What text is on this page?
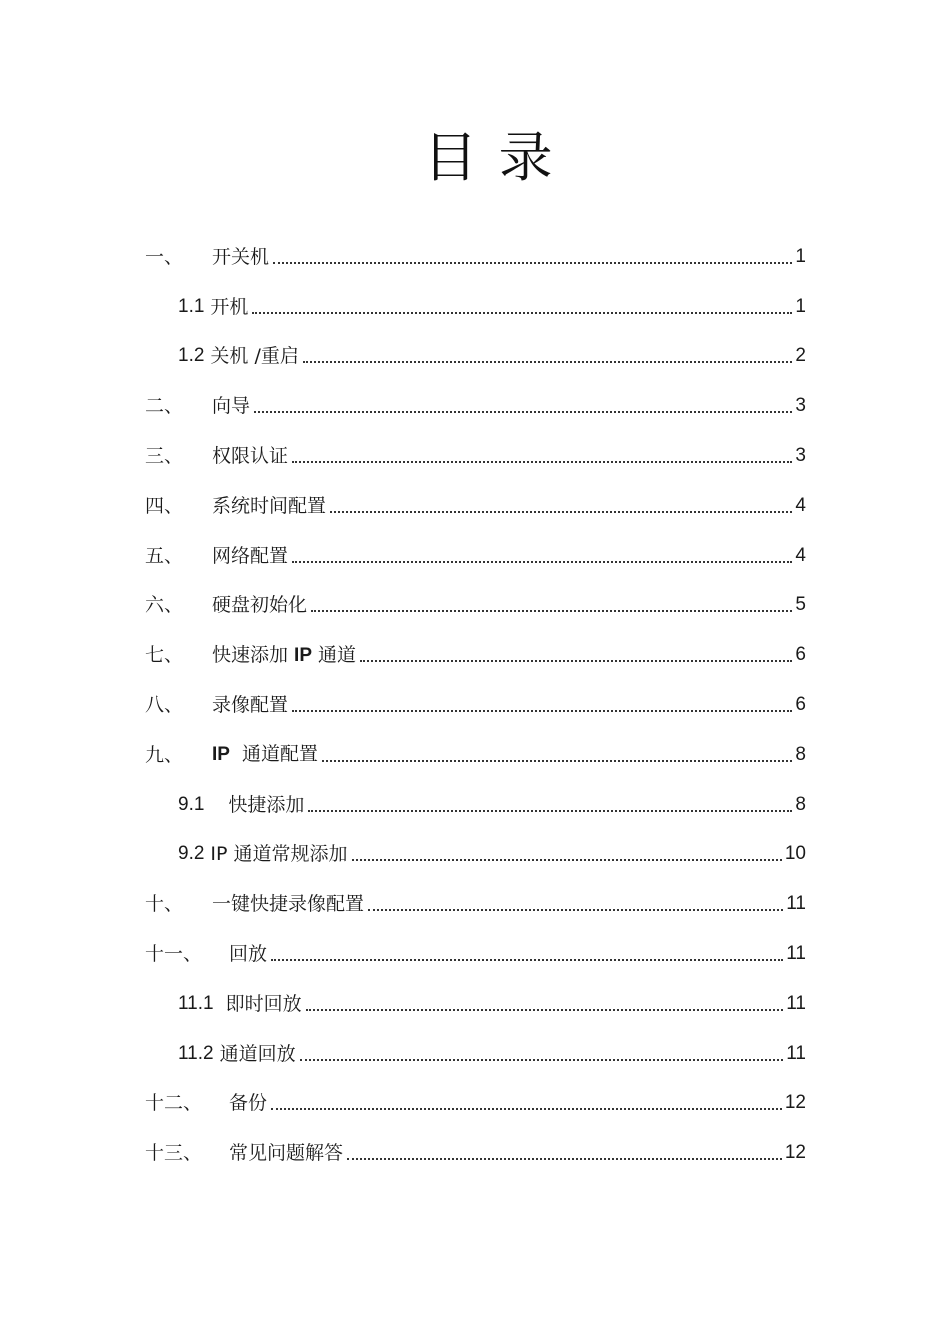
目 录
一、	开关机	1
1.1 开机	1
1.2 关机 /重启	2
二、	向导	3
三、	权限认证	3
四、	系统时间配置	4
五、	网络配置	4
六、	硬盘初始化	5
七、	快速添加 IP 通道	6
八、	录像配置	6
九、	IP  通道配置	8
9.1 快捷添加	8
9.2 IP 通道常规添加	10
十、	一键快捷录像配置	11
十一、	回放	11
11.1 即时回放	11
11.2 通道回放	11
十二、	备份	12
十三、	常见问题解答	12
